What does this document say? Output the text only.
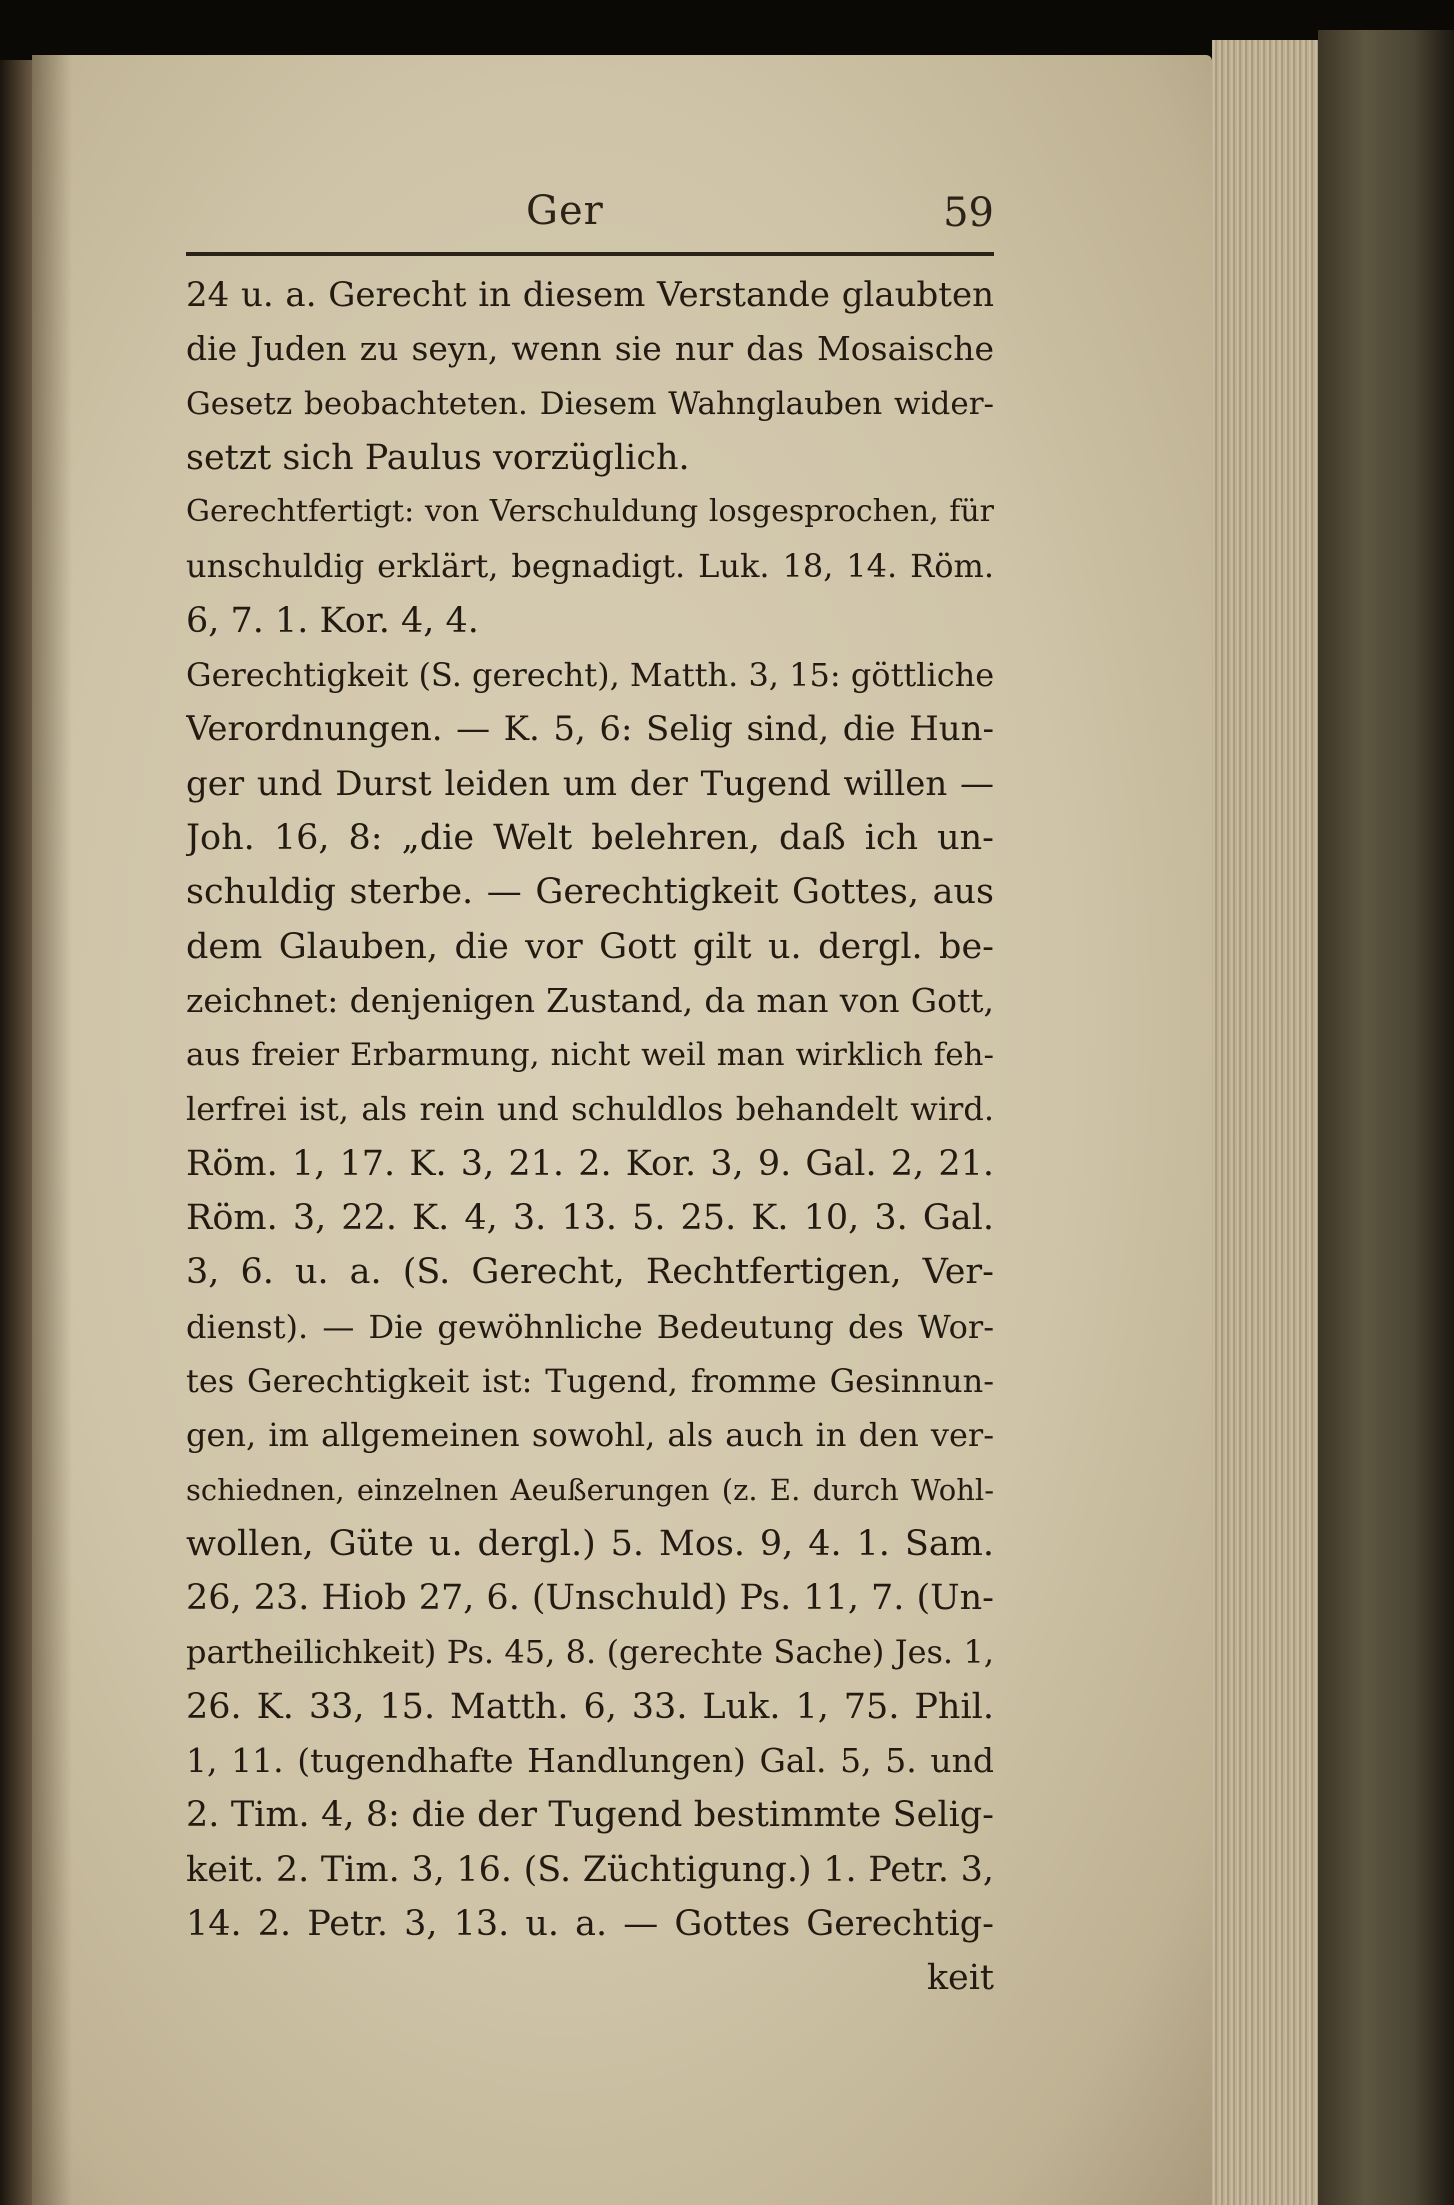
Ger	59
24 u. a. Gerecht in diesem Verstande glaubten
die Juden zu seyn, wenn sie nur das Mosaische
Gesetz beobachteten. Diesem Wahnglauben wider-
setzt sich Paulus vorzüglich.
Gerechtfertigt: von Verschuldung losgesprochen, für
unschuldig erklärt, begnadigt. Luk. 18, 14. Röm.
6, 7. 1. Kor. 4, 4.
Gerechtigkeit (S. gerecht), Matth. 3, 15: göttliche
Verordnungen. — K. 5, 6: Selig sind, die Hun-
ger und Durst leiden um der Tugend willen —
Joh. 16, 8: „die Welt belehren, daß ich un-
schuldig sterbe. — Gerechtigkeit Gottes, aus
dem Glauben, die vor Gott gilt u. dergl. be-
zeichnet: denjenigen Zustand, da man von Gott,
aus freier Erbarmung, nicht weil man wirklich feh-
lerfrei ist, als rein und schuldlos behandelt wird.
Röm. 1, 17. K. 3, 21. 2. Kor. 3, 9. Gal. 2, 21.
Röm. 3, 22. K. 4, 3. 13. 5. 25. K. 10, 3. Gal.
3, 6. u. a. (S. Gerecht, Rechtfertigen, Ver-
dienst). — Die gewöhnliche Bedeutung des Wor-
tes Gerechtigkeit ist: Tugend, fromme Gesinnun-
gen, im allgemeinen sowohl, als auch in den ver-
schiednen, einzelnen Aeußerungen (z. E. durch Wohl-
wollen, Güte u. dergl.) 5. Mos. 9, 4. 1. Sam.
26, 23. Hiob 27, 6. (Unschuld) Ps. 11, 7. (Un-
partheilichkeit) Ps. 45, 8. (gerechte Sache) Jes. 1,
26. K. 33, 15. Matth. 6, 33. Luk. 1, 75. Phil.
1, 11. (tugendhafte Handlungen) Gal. 5, 5. und
2. Tim. 4, 8: die der Tugend bestimmte Selig-
keit. 2. Tim. 3, 16. (S. Züchtigung.) 1. Petr. 3,
14. 2. Petr. 3, 13. u. a. — Gottes Gerechtig-
keit
